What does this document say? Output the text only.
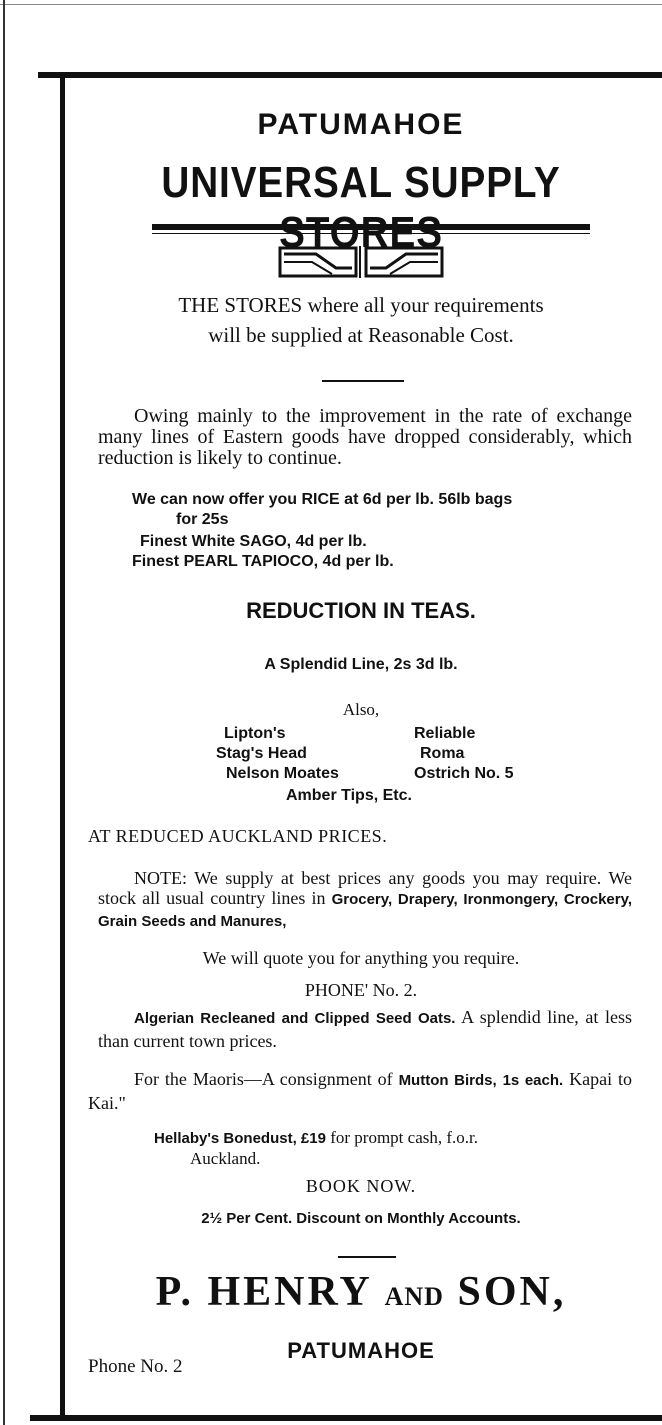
PATUMAHOE
UNIVERSAL SUPPLY
THE STORES where all your requirements
will be supplied at Reasonable Cost.
Owing mainly to the improvement in the rate of exchange many lines of Eastern goods have dropped considerably, which reduction is likely to continue.
We can now offer you RICE at 6d per lb. 56lb bags
for 25s
Finest White SAGO, 4d per lb.
Finest PEARL TAPIOCO, 4d per lb.
REDUCTION IN TEAS.
A Splendid Line, 2s 3d lb.
Also,
Lipton's
Stag's Head
Nelson Moates
Reliable
Roma
Ostrich No. 5
Amber Tips, Etc.
AT REDUCED AUCKLAND PRICES.
NOTE: We supply at best prices any goods you may require. We stock all usual country lines in Grocery, Drapery, Ironmongery, Crockery, Grain Seeds and Manures,
We will quote you for anything you require.
PHONE' No. 2.
Algerian Recleaned and Clipped Seed Oats. A splendid line, at less than current town prices.
For the Maoris—A consignment of Mutton Birds, 1s each. Kapai to Kai."
Hellaby's Bonedust, £19 for prompt cash, f.o.r.
Auckland.
BOOK NOW.
2½ Per Cent. Discount on Monthly Accounts.
P. HENRY AND SON,
PATUMAHOE
Phone No. 2
